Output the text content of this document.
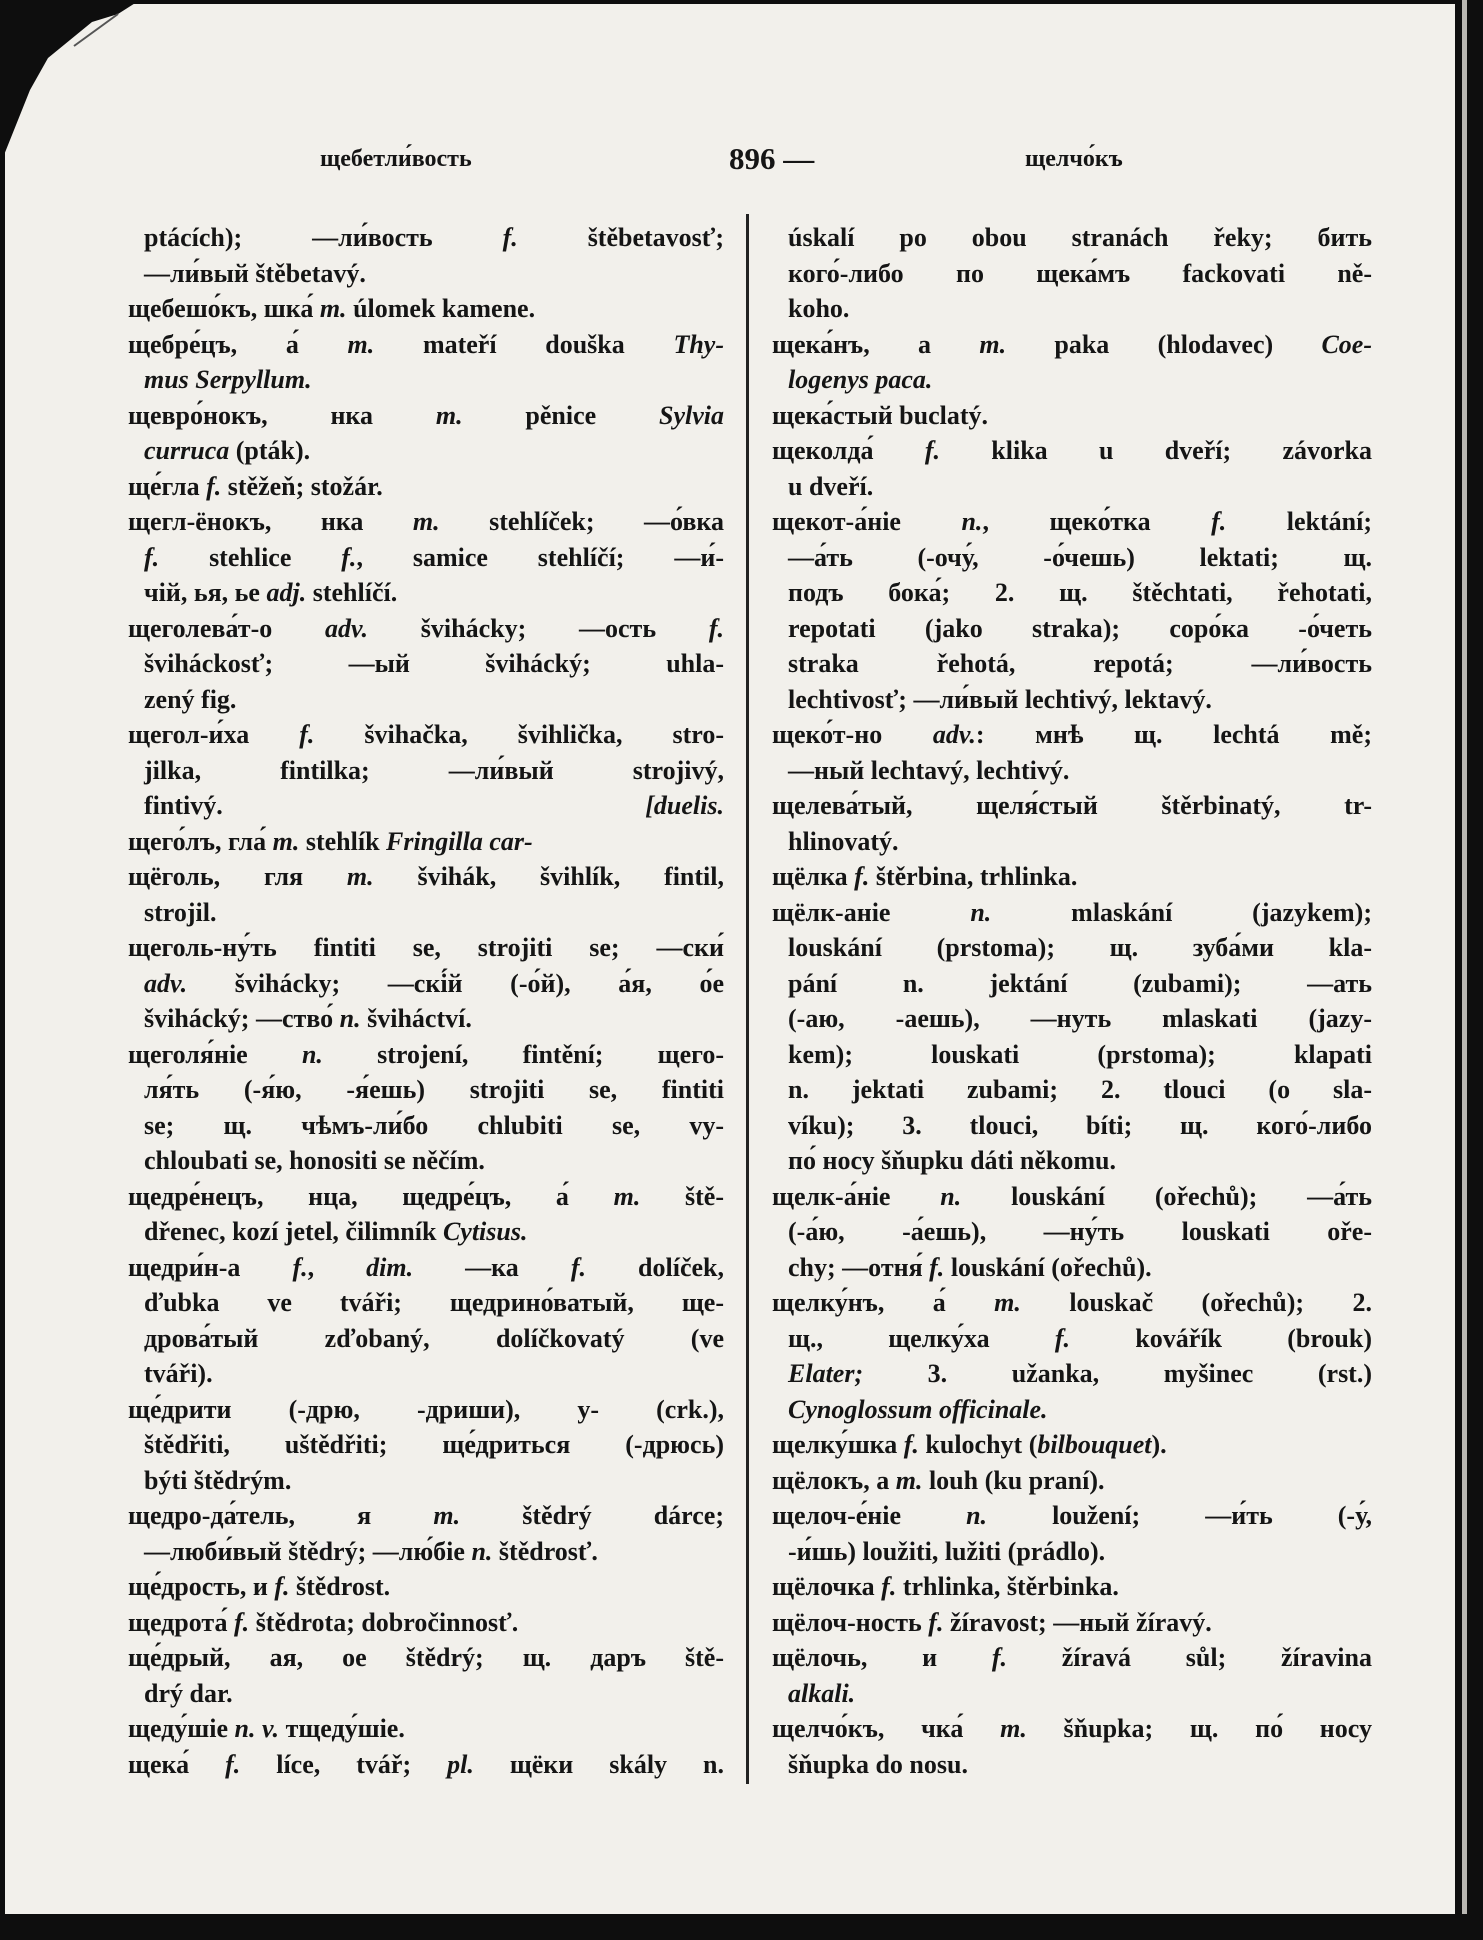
щебетли́вость	896 —	щелчо́къ
ptácích); —ли́вость f. štěbetavosť;
—ли́вый štěbetavý.
щебешо́къ, шка́ m. úlomek kamene.
щебре́цъ, а́ m. mateří douška Thy-
mus Serpyllum.
щевро́нокъ, нка m. pěnice Sylvia
curruca (pták).
ще́гла f. stěžeň; stožár.
щегл-ёнокъ, нка m. stehlíček; —о́вка
f. stehlice f., samice stehlíčí; —и́-
чій, ья, ье adj. stehlíčí.
щеголева́т-о adv. švihácky; —ость f.
šviháckosť; —ый švihácký; uhla-
zený fig.
щегол-и́ха f. švihačka, švihlička, stro-
jilka, fintilka; —ли́вый strojivý,
[duelis.
fintivý.
щего́лъ, гла́ m. stehlík Fringilla car-
щёголь, гля m. švihák, švihlík, fintil,
strojil.
щеголь-ну́ть fintiti se, strojiti se; —ски́
adv. švihácky; —скі́й (-о́й), а́я, о́е
švihácký; —ство́ n. šviháctví.
щеголя́ніе n. strojení, fintění; щего-
ля́ть (-я́ю, -я́ешь) strojiti se, fintiti
se; щ. чѣмъ-ли́бо chlubiti se, vy-
chloubati se, honositi se něčím.
щедре́нецъ, нца, щедре́цъ, а́ m. ště-
dřenec, kozí jetel, čilimník Cytisus.
щедри́н-а f., dim. —ка f. dolíček,
ďubka ve tváři; щедрино́ватый, ще-
дрова́тый zďobaný, dolíčkovatý (ve
tváři).
ще́дрити (-дрю, -дриши), у- (crk.),
štědřiti, uštědřiti; ще́дриться (-дрюсь)
býti štědrým.
щедро-да́тель, я m. štědrý dárce;
—люби́вый štědrý; —лю́біе n. štědrosť.
ще́дрость, и f. štědrost.
щедрота́ f. štědrota; dobročinnosť.
ще́дрый, ая, ое štědrý; щ. даръ ště-
drý dar.
щеду́шіе n. v. тщеду́шіе.
щека́ f. líce, tvář; pl. щёки skály n.
úskalí po obou stranách řeky; бить
кого́-либо по щека́мъ fackovati ně-
koho.
щека́нъ, а m. paka (hlodavec) Coe-
logenys paca.
щека́стый buclatý.
щеколда́ f. klika u dveří; závorka
u dveří.
щекот-а́ніе n., щеко́тка f. lektání;
—а́ть (-очу́, -о́чешь) lektati; щ.
подъ бока́; 2. щ. štěchtati, řehotati,
repotati (jako straka); соро́ка -о́четь
straka řehotá, repotá; —ли́вость
lechtivosť; —ли́вый lechtivý, lektavý.
щеко́т-но adv.: мнѣ щ. lechtá mě;
—ный lechtavý, lechtivý.
щелева́тый, щеля́стый štěrbinatý, tr-
hlinovatý.
щёлка f. štěrbina, trhlinka.
щёлк-аніе n. mlaskání (jazykem);
louskání (prstoma); щ. зуба́ми kla-
pání n. jektání (zubami); —ать
(-аю, -аешь), —нуть mlaskati (jazy-
kem); louskati (prstoma); klapati
n. jektati zubami; 2. tlouci (o sla-
víku); 3. tlouci, bíti; щ. кого́-либо
по́ носу šňupku dáti někomu.
щелк-а́ніе n. louskání (ořechů); —а́ть
(-а́ю, -а́ешь), —ну́ть louskati oře-
chy; —отня́ f. louskání (ořechů).
щелку́нъ, а́ m. louskač (ořechů); 2.
щ., щелку́ха f. kovářík (brouk)
Elater; 3. užanka, myšinec (rst.)
Cynoglossum officinale.
щелку́шка f. kulochyt (bilbouquet).
щёлокъ, а m. louh (ku praní).
щелоч-е́ніе n. loužení; —и́ть (-у́,
-и́шь) loužiti, lužiti (prádlo).
щёлочка f. trhlinka, štěrbinka.
щёлоч-ность f. žíravost; —ный žíravý.
щёлочь, и f. žíravá sůl; žíravina
alkali.
щелчо́къ, чка́ m. šňupka; щ. по́ носу
šňupka do nosu.
